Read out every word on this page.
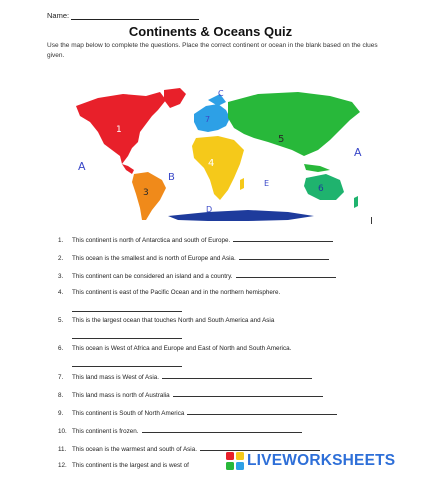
Name:
Continents & Oceans Quiz
Use the map below to complete the questions. Place the correct continent or ocean in the blank based on the clues given.
1
3
7
4
5
6
A
A
B
C
D
E
I
1. This continent is north of Antarctica and south of Europe.
2. This ocean is the smallest and is north of Europe and Asia.
3. This continent can be considered an island and a country.
4. This continent is east of the Pacific Ocean and in the northern hemisphere.
5. This is the largest ocean that touches North and South America and Asia
6. This ocean is West of Africa and Europe and East of North and South America.
7. This land mass is West of Asia.
8. This land mass is north of Australia
9. This continent is South of North America
10. This continent is frozen.
11. This ocean is the warmest and south of Asia.
12. This continent is the largest and is west of	LIVEWORKSHEETS
